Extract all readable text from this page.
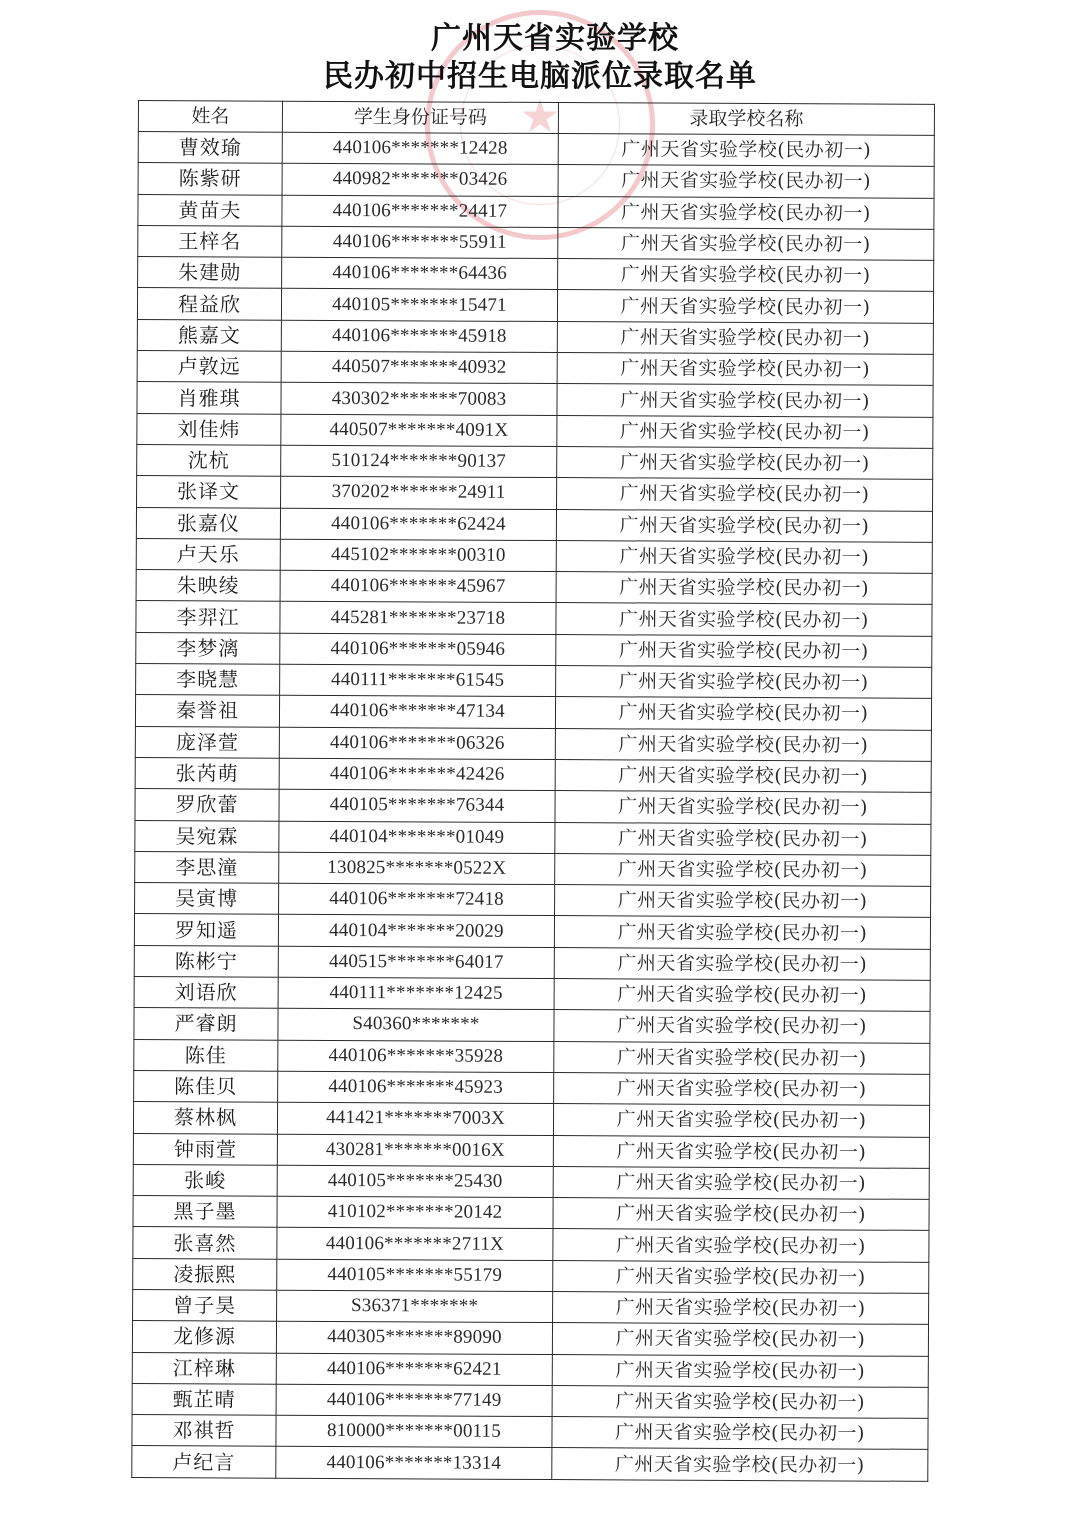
★
广州天省实验学校
民办初中招生电脑派位录取名单
姓名	学生身份证号码	录取学校名称
曹效瑜	440106*******12428	广州天省实验学校(民办初一)
陈紫研	440982*******03426	广州天省实验学校(民办初一)
黄苗夫	440106*******24417	广州天省实验学校(民办初一)
王梓名	440106*******55911	广州天省实验学校(民办初一)
朱建勋	440106*******64436	广州天省实验学校(民办初一)
程益欣	440105*******15471	广州天省实验学校(民办初一)
熊嘉文	440106*******45918	广州天省实验学校(民办初一)
卢敦远	440507*******40932	广州天省实验学校(民办初一)
肖雅琪	430302*******70083	广州天省实验学校(民办初一)
刘佳炜	440507*******4091X	广州天省实验学校(民办初一)
沈杭	510124*******90137	广州天省实验学校(民办初一)
张译文	370202*******24911	广州天省实验学校(民办初一)
张嘉仪	440106*******62424	广州天省实验学校(民办初一)
卢天乐	445102*******00310	广州天省实验学校(民办初一)
朱映绫	440106*******45967	广州天省实验学校(民办初一)
李羿江	445281*******23718	广州天省实验学校(民办初一)
李梦漓	440106*******05946	广州天省实验学校(民办初一)
李晓慧	440111*******61545	广州天省实验学校(民办初一)
秦誉祖	440106*******47134	广州天省实验学校(民办初一)
庞泽萱	440106*******06326	广州天省实验学校(民办初一)
张芮萌	440106*******42426	广州天省实验学校(民办初一)
罗欣蕾	440105*******76344	广州天省实验学校(民办初一)
吴宛霖	440104*******01049	广州天省实验学校(民办初一)
李思潼	130825*******0522X	广州天省实验学校(民办初一)
吴寅博	440106*******72418	广州天省实验学校(民办初一)
罗知遥	440104*******20029	广州天省实验学校(民办初一)
陈彬宁	440515*******64017	广州天省实验学校(民办初一)
刘语欣	440111*******12425	广州天省实验学校(民办初一)
严睿朗	S40360*******	广州天省实验学校(民办初一)
陈佳	440106*******35928	广州天省实验学校(民办初一)
陈佳贝	440106*******45923	广州天省实验学校(民办初一)
蔡林枫	441421*******7003X	广州天省实验学校(民办初一)
钟雨萱	430281*******0016X	广州天省实验学校(民办初一)
张峻	440105*******25430	广州天省实验学校(民办初一)
黑子墨	410102*******20142	广州天省实验学校(民办初一)
张喜然	440106*******2711X	广州天省实验学校(民办初一)
凌振熙	440105*******55179	广州天省实验学校(民办初一)
曾子昊	S36371*******	广州天省实验学校(民办初一)
龙修源	440305*******89090	广州天省实验学校(民办初一)
江梓琳	440106*******62421	广州天省实验学校(民办初一)
甄芷晴	440106*******77149	广州天省实验学校(民办初一)
邓祺哲	810000*******00115	广州天省实验学校(民办初一)
卢纪言	440106*******13314	广州天省实验学校(民办初一)
